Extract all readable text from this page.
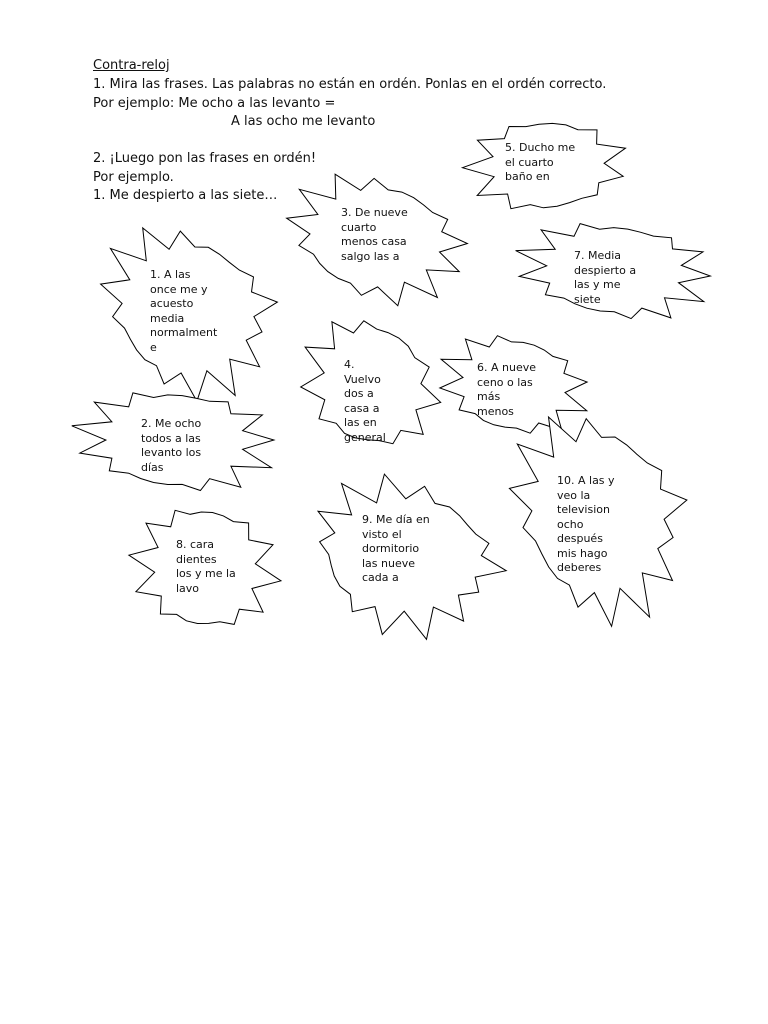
Contra-reloj
1. Mira las frases. Las palabras no están en ordén. Ponlas en el ordén correcto.
Por ejemplo: Me ocho a las levanto =
A las ocho me levanto
2. ¡Luego pon las frases en ordén!
Por ejemplo.
1. Me despierto a las siete…
5. Ducho me
el cuarto
baño en
3. De nueve
cuarto
menos casa
salgo las a	7. Media
despierto a
las y me
siete
1. A las
once me y
acuesto
media
normalment
e
4.
Vuelvo
dos a
casa a
las en
general
6. A nueve
ceno o las
más
menos
2. Me ocho
todos a las
levanto los
días
10. A las y
veo la
television
ocho
después
mis hago
deberes
9. Me día en
visto el
dormitorio
las nueve
cada a
8. cara
dientes
los y me la
lavo
